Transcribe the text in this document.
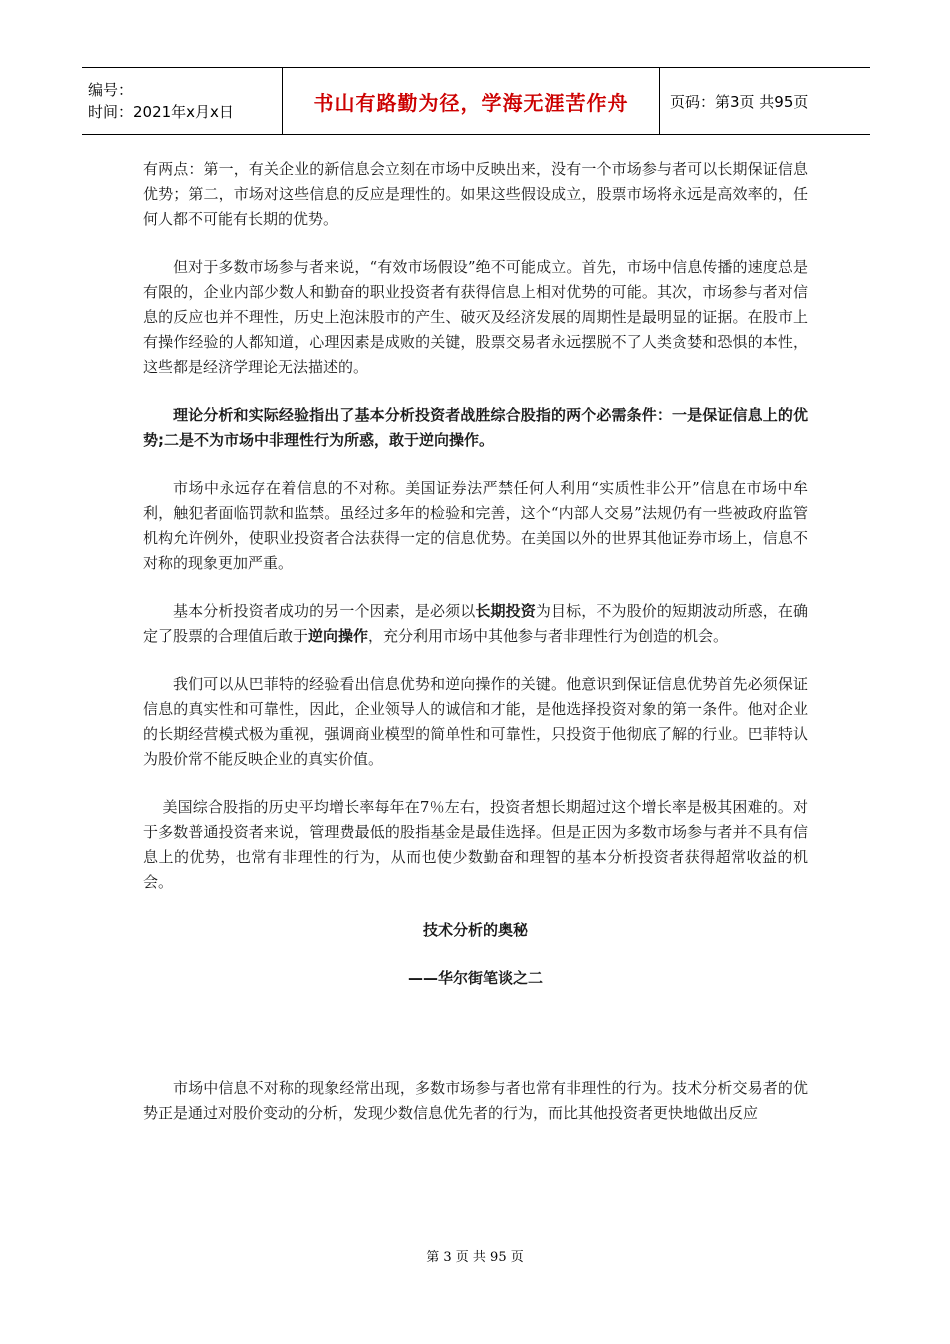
编号：
时间：2021年x月x日	书山有路勤为径，学海无涯苦作舟	页码：第3页 共95页

有两点：第一，有关企业的新信息会立刻在市场中反映出来，没有一个市场参与者可以长期保证信息优势；第二，市场对这些信息的反应是理性的。如果这些假设成立，股票市场将永远是高效率的，任何人都不可能有长期的优势。

但对于多数市场参与者来说，“有效市场假设”绝不可能成立。首先，市场中信息传播的速度总是有限的，企业内部少数人和勤奋的职业投资者有获得信息上相对优势的可能。其次，市场参与者对信息的反应也并不理性，历史上泡沫股市的产生、破灭及经济发展的周期性是最明显的证据。在股市上有操作经验的人都知道，心理因素是成败的关键，股票交易者永远摆脱不了人类贪婪和恐惧的本性，这些都是经济学理论无法描述的。

理论分析和实际经验指出了基本分析投资者战胜综合股指的两个必需条件：一是保证信息上的优势;二是不为市场中非理性行为所惑，敢于逆向操作。

市场中永远存在着信息的不对称。美国证券法严禁任何人利用“实质性非公开”信息在市场中牟利，触犯者面临罚款和监禁。虽经过多年的检验和完善，这个“内部人交易”法规仍有一些被政府监管机构允许例外，使职业投资者合法获得一定的信息优势。在美国以外的世界其他证券市场上，信息不对称的现象更加严重。

基本分析投资者成功的另一个因素，是必须以长期投资为目标，不为股价的短期波动所惑，在确定了股票的合理值后敢于逆向操作，充分利用市场中其他参与者非理性行为创造的机会。

我们可以从巴菲特的经验看出信息优势和逆向操作的关键。他意识到保证信息优势首先必须保证信息的真实性和可靠性，因此，企业领导人的诚信和才能，是他选择投资对象的第一条件。他对企业的长期经营模式极为重视，强调商业模型的简单性和可靠性，只投资于他彻底了解的行业。巴菲特认为股价常不能反映企业的真实价值。

美国综合股指的历史平均增长率每年在7％左右，投资者想长期超过这个增长率是极其困难的。对于多数普通投资者来说，管理费最低的股指基金是最佳选择。但是正因为多数市场参与者并不具有信息上的优势，也常有非理性的行为，从而也使少数勤奋和理智的基本分析投资者获得超常收益的机会。

技术分析的奥秘

——华尔街笔谈之二

市场中信息不对称的现象经常出现，多数市场参与者也常有非理性的行为。技术分析交易者的优势正是通过对股价变动的分析，发现少数信息优先者的行为，而比其他投资者更快地做出反应

第 3 页 共 95 页
